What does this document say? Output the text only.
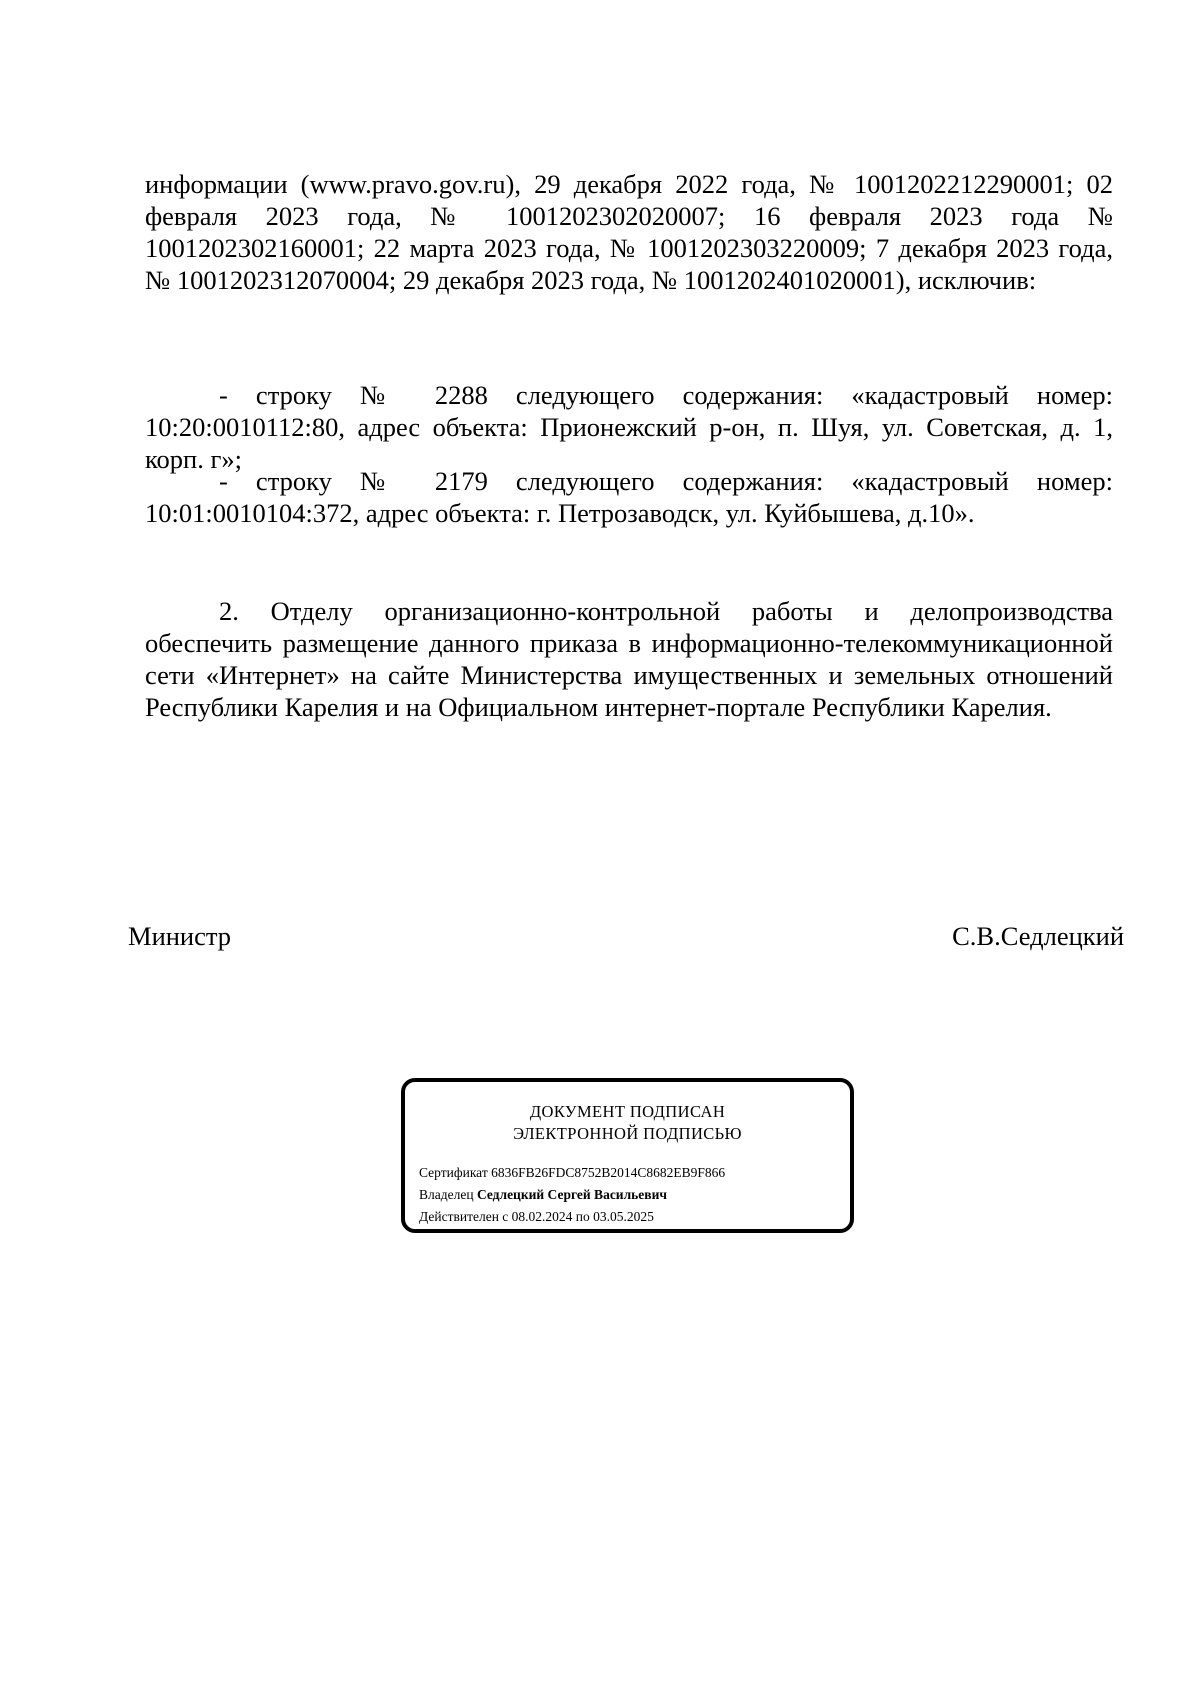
информации (www.pravo.gov.ru), 29 декабря 2022 года, № 1001202212290001; 02 февраля 2023 года, № 1001202302020007; 16 февраля 2023 года № 1001202302160001; 22 марта 2023 года, № 1001202303220009; 7 декабря 2023 года, № 1001202312070004; 29 декабря 2023 года, № 1001202401020001), исключив:

- строку № 2288 следующего содержания: «кадастровый номер: 10:20:0010112:80, адрес объекта: Прионежский р-он, п. Шуя, ул. Советская, д. 1, корп. г»;

- строку № 2179 следующего содержания: «кадастровый номер: 10:01:0010104:372, адрес объекта: г. Петрозаводск, ул. Куйбышева, д.10».

2. Отделу организационно-контрольной работы и делопроизводства обеспечить размещение данного приказа в информационно-телекоммуникационной сети «Интернет» на сайте Министерства имущественных и земельных отношений Республики Карелия и на Официальном интернет-портале Республики Карелия.

Министр	С.В.Седлецкий
ДОКУМЕНТ ПОДПИСАН
ЭЛЕКТРОННОЙ ПОДПИСЬЮ
Сертификат 6836FB26FDC8752B2014C8682EB9F866
Владелец Седлецкий Сергей Васильевич
Действителен с 08.02.2024 по 03.05.2025
